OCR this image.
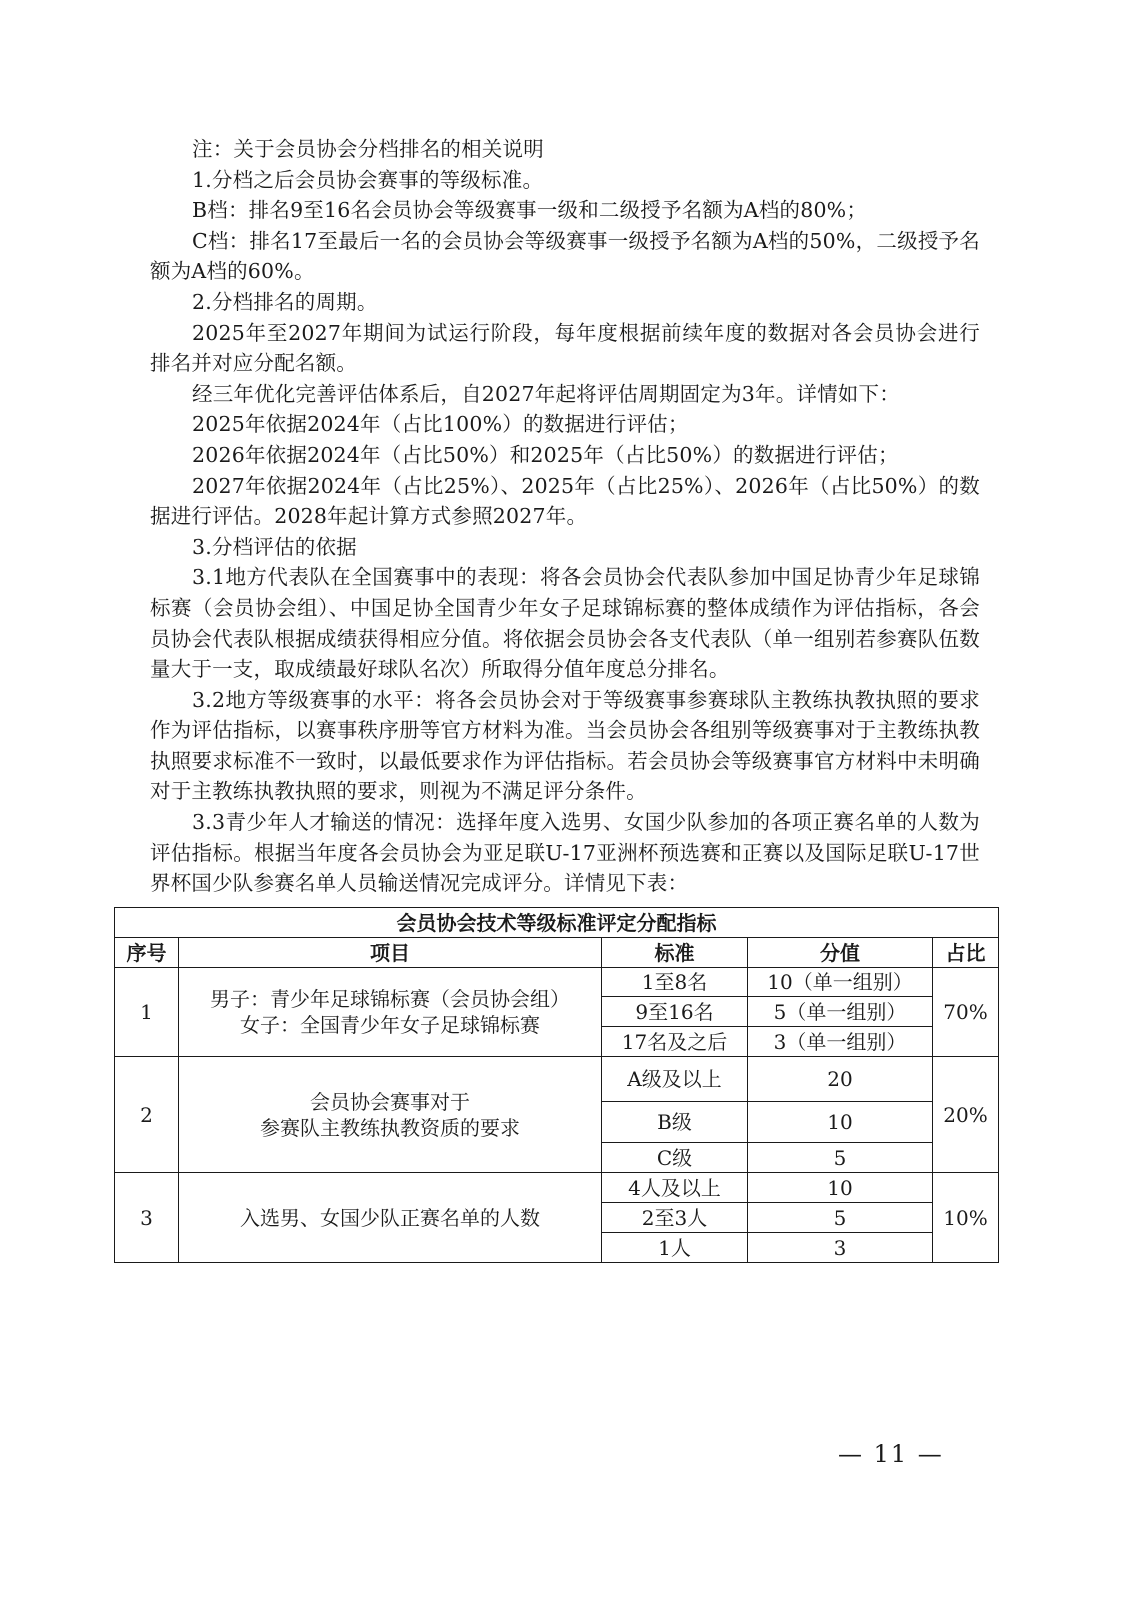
注：关于会员协会分档排名的相关说明

1.分档之后会员协会赛事的等级标准。

B档：排名9至16名会员协会等级赛事一级和二级授予名额为A档的80%；

C档：排名17至最后一名的会员协会等级赛事一级授予名额为A档的50%，二级授予名额为A档的60%。

2.分档排名的周期。

2025年至2027年期间为试运行阶段，每年度根据前续年度的数据对各会员协会进行排名并对应分配名额。

经三年优化完善评估体系后，自2027年起将评估周期固定为3年。详情如下：

2025年依据2024年（占比100%）的数据进行评估；

2026年依据2024年（占比50%）和2025年（占比50%）的数据进行评估；

2027年依据2024年（占比25%）、2025年（占比25%）、2026年（占比50%）的数据进行评估。2028年起计算方式参照2027年。

3.分档评估的依据

3.1地方代表队在全国赛事中的表现：将各会员协会代表队参加中国足协青少年足球锦标赛（会员协会组）、中国足协全国青少年女子足球锦标赛的整体成绩作为评估指标，各会员协会代表队根据成绩获得相应分值。将依据会员协会各支代表队（单一组别若参赛队伍数量大于一支，取成绩最好球队名次）所取得分值年度总分排名。

3.2地方等级赛事的水平：将各会员协会对于等级赛事参赛球队主教练执教执照的要求作为评估指标，以赛事秩序册等官方材料为准。当会员协会各组别等级赛事对于主教练执教执照要求标准不一致时，以最低要求作为评估指标。若会员协会等级赛事官方材料中未明确对于主教练执教执照的要求，则视为不满足评分条件。

3.3青少年人才输送的情况：选择年度入选男、女国少队参加的各项正赛名单的人数为评估指标。根据当年度各会员协会为亚足联U-17亚洲杯预选赛和正赛以及国际足联U-17世界杯国少队参赛名单人员输送情况完成评分。详情见下表：

会员协会技术等级标准评定分配指标				
序号	项目	标准	分值	占比
1	男子：青少年足球锦标赛（会员协会组）
女子：全国青少年女子足球锦标赛	1至8名	10（单一组别）	70%
		9至16名	5（单一组别）	
		17名及之后	3（单一组别）	
2	会员协会赛事对于
参赛队主教练执教资质的要求	A级及以上	20	20%
		B级	10	
		C级	5	
3	入选男、女国少队正赛名单的人数	4人及以上	10	10%
		2至3人	5	
		1人	3	
— 11 —
